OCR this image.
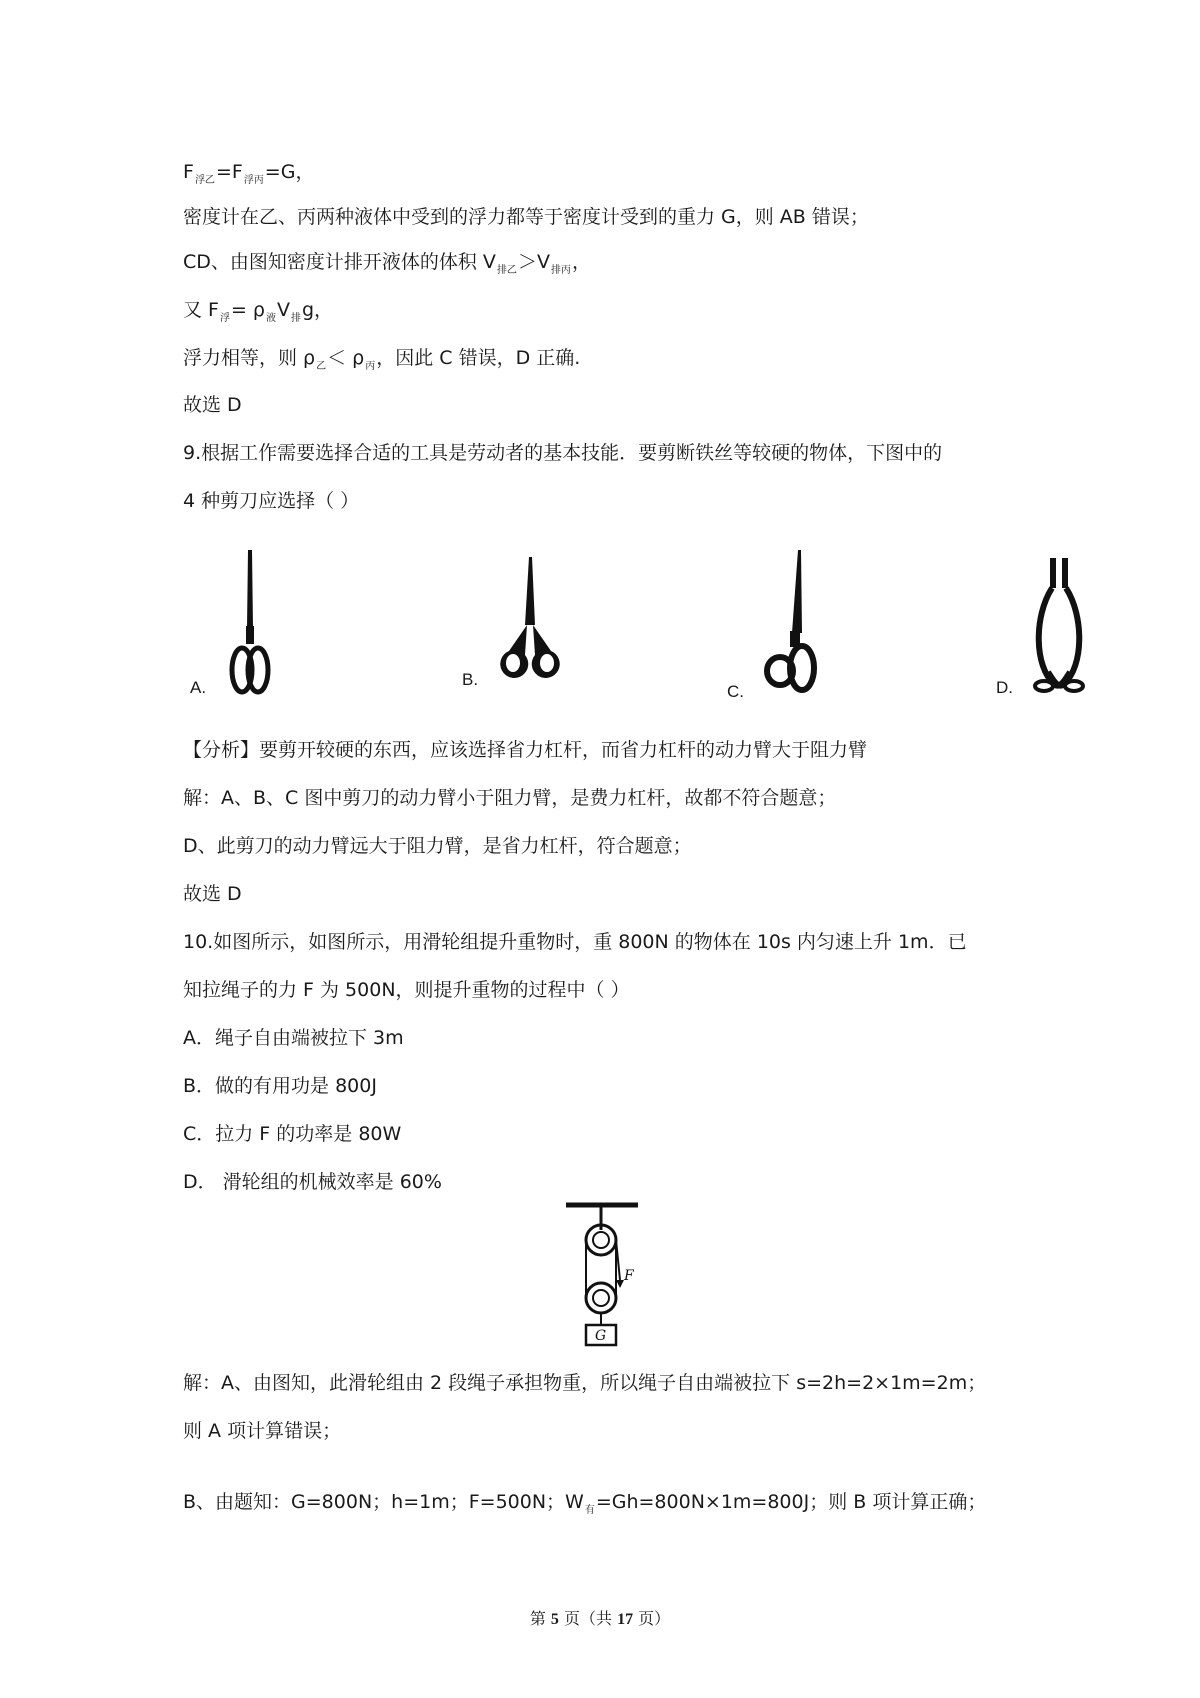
$F_{浮乙}=F_{浮丙}=G$，
密度计在乙、丙两种液体中受到的浮力都等于密度计受到的重力 G，则 AB 错误；
CD、由图知密度计排开液体的体积 $V_{排乙}>V_{排丙}$，
又 $F_浮= \rho_液V_排g$，
浮力相等，则 $\rho_乙< \rho_丙$，因此 C 错误，D 正确.
故选 D
9.根据工作需要选择合适的工具是劳动者的基本技能．要剪断铁丝等较硬的物体，下图中的
4 种剪刀应选择（ ）
A.	B.
C.	D.
【分析】要剪开较硬的东西，应该选择省力杠杆，而省力杠杆的动力臂大于阻力臂
解：A、B、C 图中剪刀的动力臂小于阻力臂，是费力杠杆，故都不符合题意；
D、此剪刀的动力臂远大于阻力臂，是省力杠杆，符合题意；
故选 D
10.如图所示，如图所示，用滑轮组提升重物时，重 800N 的物体在 10s 内匀速上升 1m．已
知拉绳子的力 F 为 500N，则提升重物的过程中（ ）
A．绳子自由端被拉下 3m
B．做的有用功是 800J
C．拉力 F 的功率是 80W
D． 滑轮组的机械效率是 60%
F
G
解：A、由图知，此滑轮组由 2 段绳子承担物重，所以绳子自由端被拉下 s=2h=2×1m=2m；
则 A 项计算错误；
B、由题知：G=800N；h=1m；F=500N；$W_有=Gh=800N\times 1m=800J$；则 B 项计算正确；
第 5 页（共 17 页）
